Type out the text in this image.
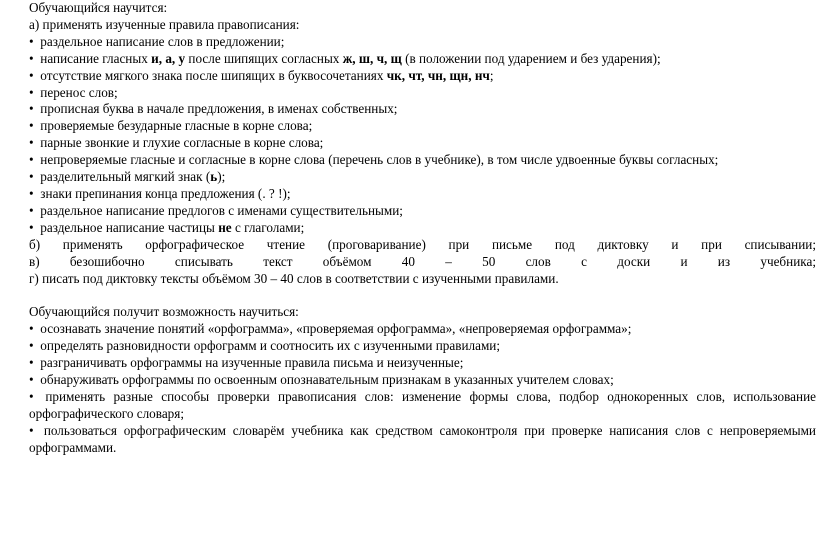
Обучающийся научится:
а) применять изученные правила правописания:
• раздельное написание слов в предложении;
• написание гласных и, а, у после шипящих согласных ж, ш, ч, щ (в положении под ударением и без ударения);
• отсутствие мягкого знака после шипящих в буквосочетаниях чк, чт, чн, щн, нч;
• перенос слов;
• прописная буква в начале предложения, в именах собственных;
• проверяемые безударные гласные в корне слова;
• парные звонкие и глухие согласные в корне слова;
• непроверяемые гласные и согласные в корне слова (перечень слов в учебнике), в том числе удвоенные буквы согласных;
• разделительный мягкий знак (ь);
• знаки препинания конца предложения (. ? !);
• раздельное написание предлогов с именами существительными;
• раздельное написание частицы не с глаголами;
б) применять орфографическое чтение (проговаривание) при письме под диктовку и при списывании;
в) безошибочно списывать текст объёмом 40 – 50 слов с доски и из учебника;
г) писать под диктовку тексты объёмом 30 – 40 слов в соответствии с изученными правилами.
Обучающийся получит возможность научиться:
• осознавать значение понятий «орфограмма», «проверяемая орфограмма», «непроверяемая орфограмма»;
• определять разновидности орфограмм и соотносить их с изученными правилами;
• разграничивать орфограммы на изученные правила письма и неизученные;
• обнаруживать орфограммы по освоенным опознавательным признакам в указанных учителем словах;
• применять разные способы проверки правописания слов: изменение формы слова, подбор однокоренных слов, использование орфографического словаря;
• пользоваться орфографическим словарём учебника как средством самоконтроля при проверке написания слов с непроверяемыми орфограммами.
